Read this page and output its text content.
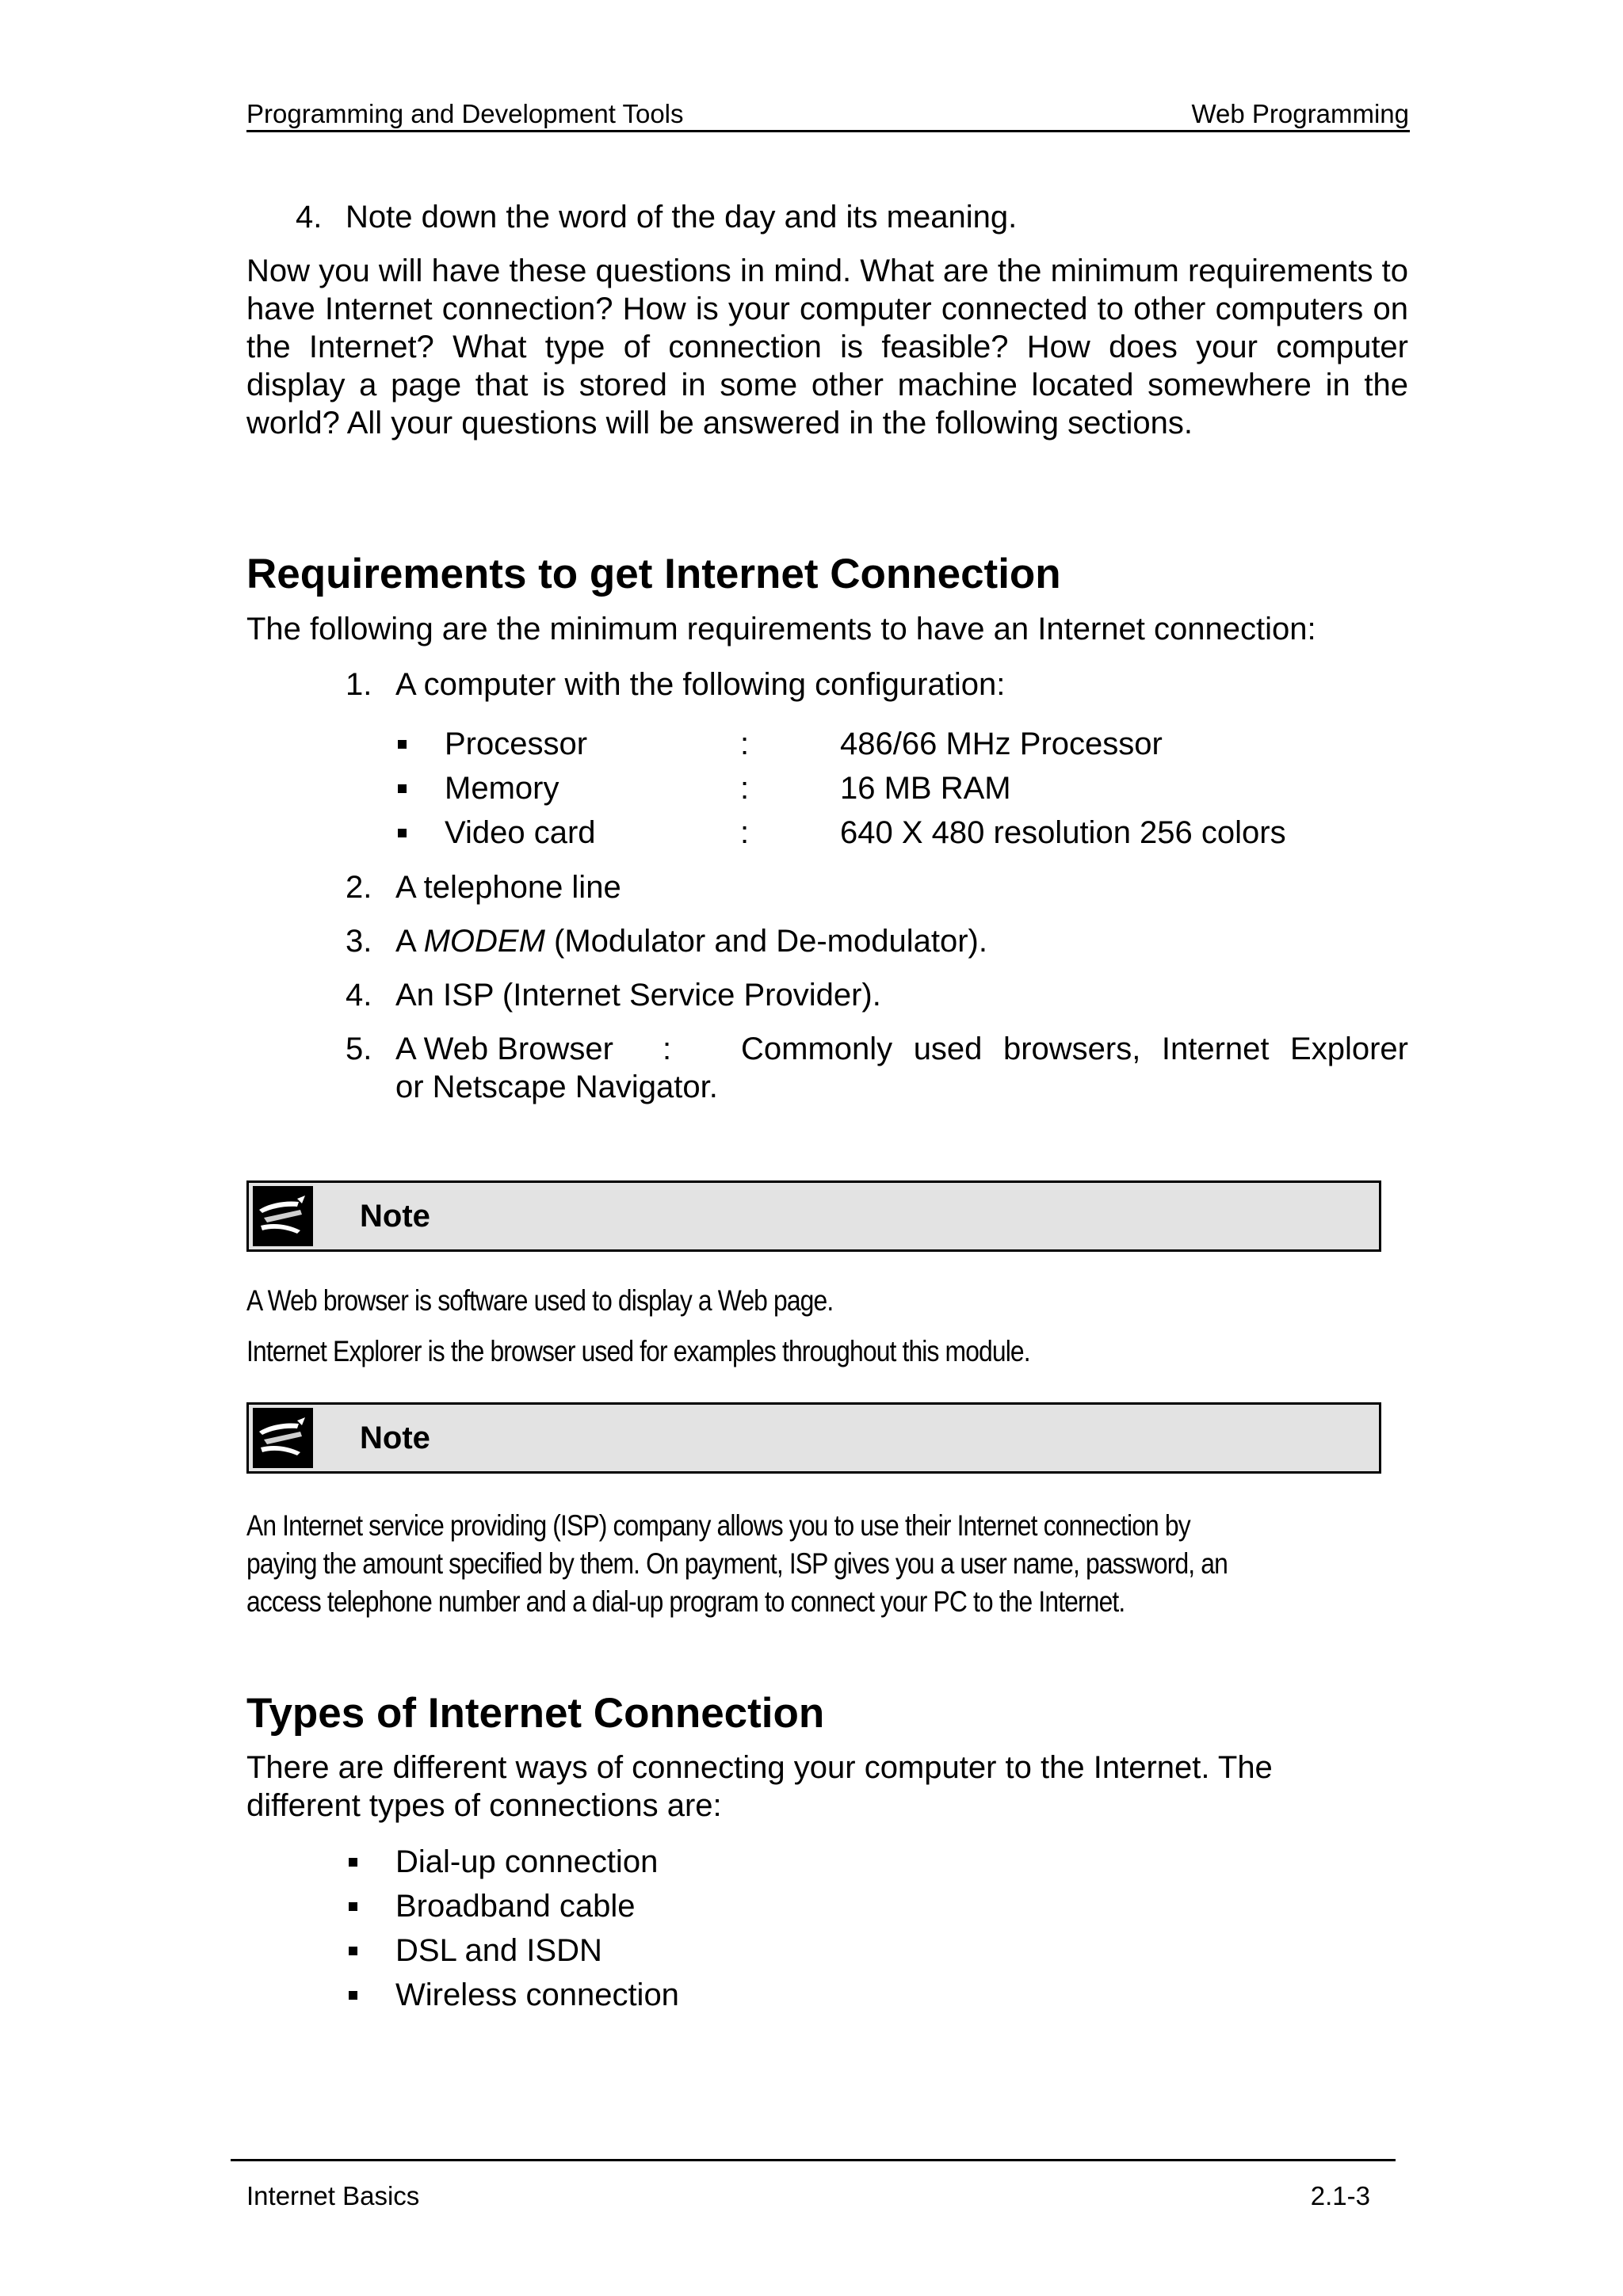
Programming and Development Tools	Web Programming
4. Note down the word of the day and its meaning.
Now you will have these questions in mind. What are the minimum requirements to have Internet connection? How is your computer connected to other computers on the Internet? What type of connection is feasible? How does your computer display a page that is stored in some other machine located somewhere in the world? All your questions will be answered in the following sections.
Requirements to get Internet Connection
The following are the minimum requirements to have an Internet connection:
1. A computer with the following configuration:
Processor	:	486/66 MHz Processor
Memory	:	16 MB RAM
Video card	:	640 X 480 resolution 256 colors
2. A telephone line
3. A MODEM (Modulator and De-modulator).
4. An ISP (Internet Service Provider).
5. A Web Browser : Commonly used browsers, Internet Explorer
or Netscape Navigator.
Note
A Web browser is software used to display a Web page.
Internet Explorer is the browser used for examples throughout this module.
Note
An Internet service providing (ISP) company allows you to use their Internet connection by
paying the amount specified by them. On payment, ISP gives you a user name, password, an
access telephone number and a dial-up program to connect your PC to the Internet.
Types of Internet Connection
There are different ways of connecting your computer to the Internet. The
different types of connections are:
Dial-up connection
Broadband cable
DSL and ISDN
Wireless connection
Internet Basics	2.1-3
